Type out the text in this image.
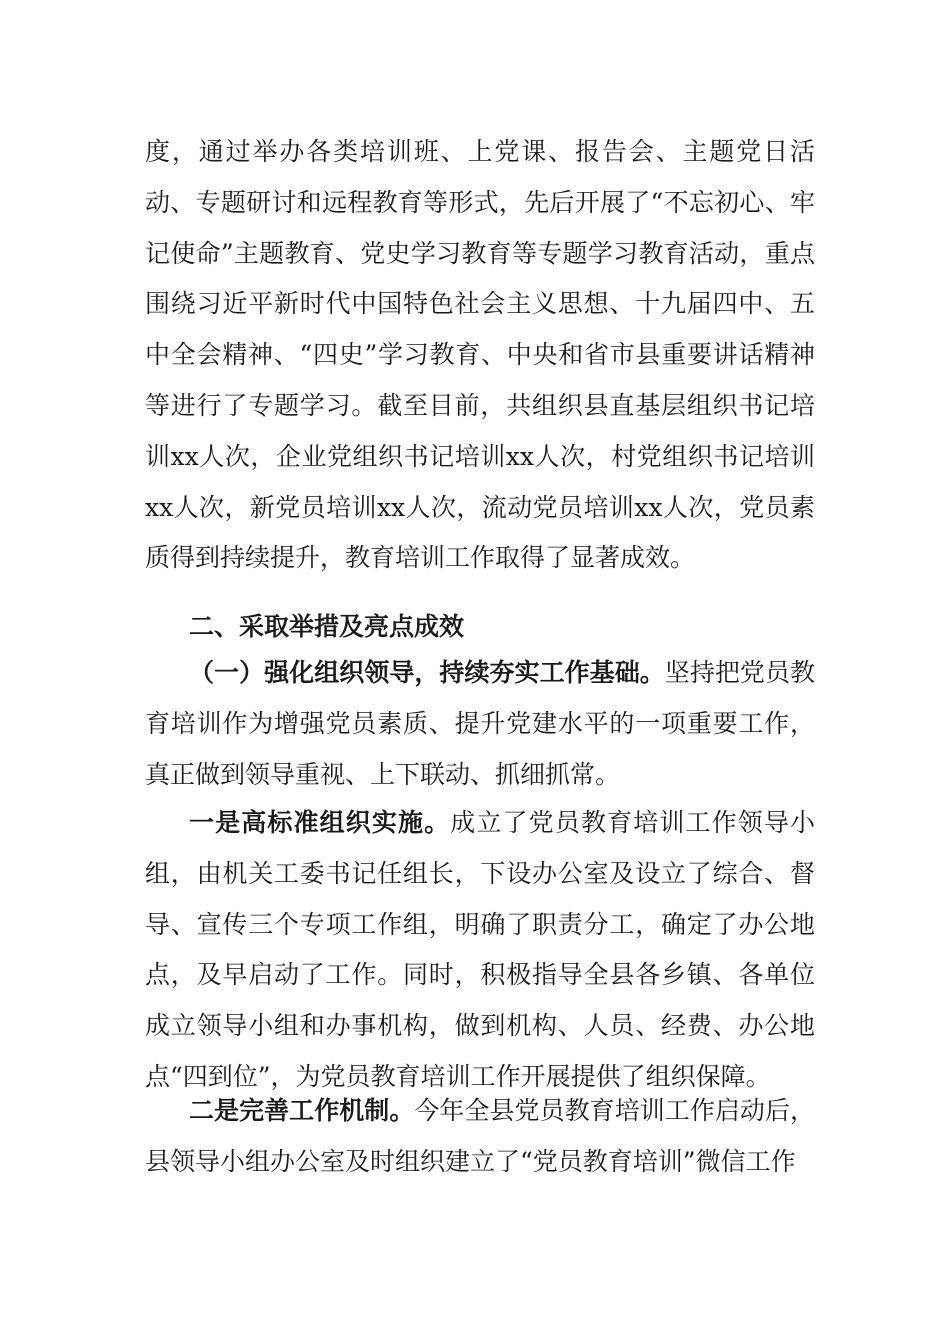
度，通过举办各类培训班、上党课、报告会、主题党日活动、专题研讨和远程教育等形式，先后开展了“不忘初心、牢记使命”主题教育、党史学习教育等专题学习教育活动，重点围绕习近平新时代中国特色社会主义思想、十九届四中、五中全会精神、“四史”学习教育、中央和省市县重要讲话精神等进行了专题学习。截至目前，共组织县直基层组织书记培训xx人次，企业党组织书记培训xx人次，村党组织书记培训xx人次，新党员培训xx人次，流动党员培训xx人次，党员素质得到持续提升，教育培训工作取得了显著成效。

二、采取举措及亮点成效

（一）强化组织领导，持续夯实工作基础。坚持把党员教育培训作为增强党员素质、提升党建水平的一项重要工作，真正做到领导重视、上下联动、抓细抓常。

一是高标准组织实施。成立了党员教育培训工作领导小组，由机关工委书记任组长，下设办公室及设立了综合、督导、宣传三个专项工作组，明确了职责分工，确定了办公地点，及早启动了工作。同时，积极指导全县各乡镇、各单位成立领导小组和办事机构，做到机构、人员、经费、办公地点“四到位”，为党员教育培训工作开展提供了组织保障。

二是完善工作机制。今年全县党员教育培训工作启动后，县领导小组办公室及时组织建立了“党员教育培训”微信工作
